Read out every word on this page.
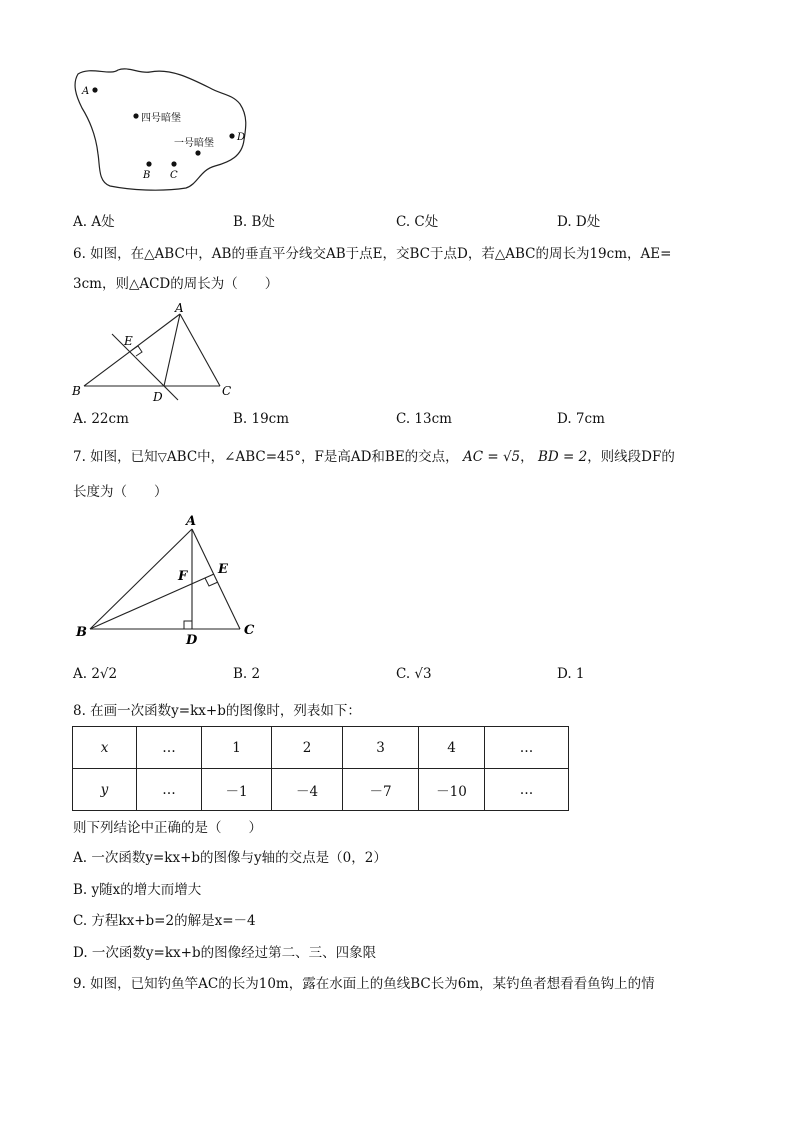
A
四号暗堡
一号暗堡
D
B C
A. A处	B. B处	C. C处	D. D处
6. 如图，在△ABC中，AB的垂直平分线交AB于点E，交BC于点D，若△ABC的周长为19cm，AE=
3cm，则△ACD的周长为（　　）
A
E
B	D	C
A. 22cm	B. 19cm	C. 13cm	D. 7cm
7. 如图，已知▽ABC中，∠ABC=45°，F是高AD和BE的交点， AC = √5， BD = 2，则线段DF的
长度为（　　）
A
E
F
B
D
C
A. 2√2	B. 2	C. √3	D. 1
8. 在画一次函数y=kx+b的图像时，列表如下：
x	…	1	2	3	4	…
y	…	－1	－4	－7	－10	…
则下列结论中正确的是（　　）
A. 一次函数y=kx+b的图像与y轴的交点是（0，2）
B. y随x的增大而增大
C. 方程kx+b=2的解是x=－4
D. 一次函数y=kx+b的图像经过第二、三、四象限
9. 如图，已知钓鱼竿AC的长为10m，露在水面上的鱼线BC长为6m，某钓鱼者想看看鱼钩上的情
